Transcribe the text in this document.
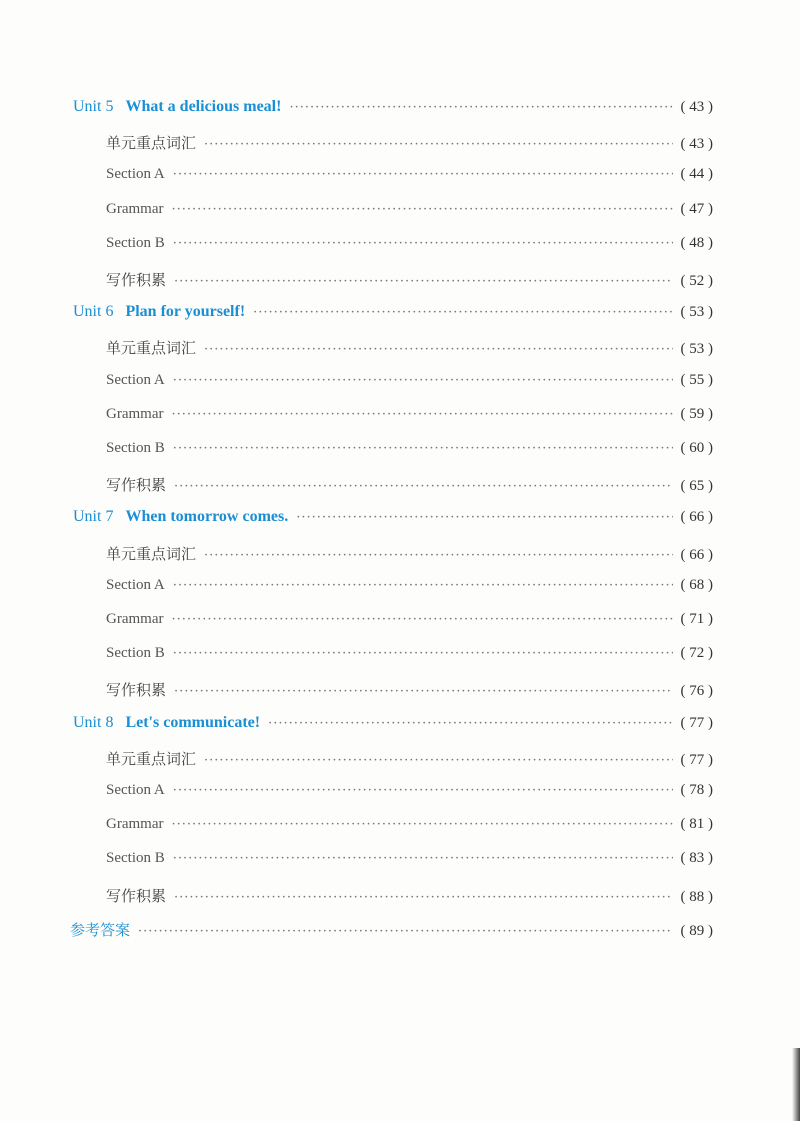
Unit 5 What a delicious meal! ·····	( 43 )
单元重点词汇 ·····	( 43 )
Section A ·····	( 44 )
Grammar ·····	( 47 )
Section B ·····	( 48 )
写作积累 ·····	( 52 )
Unit 6 Plan for yourself! ·····	( 53 )
单元重点词汇 ·····	( 53 )
Section A ·····	( 55 )
Grammar ·····	( 59 )
Section B ·····	( 60 )
写作积累 ·····	( 65 )
Unit 7 When tomorrow comes. ·····	( 66 )
单元重点词汇 ·····	( 66 )
Section A ·····	( 68 )
Grammar ·····	( 71 )
Section B ·····	( 72 )
写作积累 ·····	( 76 )
Unit 8 Let's communicate! ·····	( 77 )
单元重点词汇 ·····	( 77 )
Section A ·····	( 78 )
Grammar ·····	( 81 )
Section B ·····	( 83 )
写作积累 ·····	( 88 )
参考答案 ·····	( 89 )
